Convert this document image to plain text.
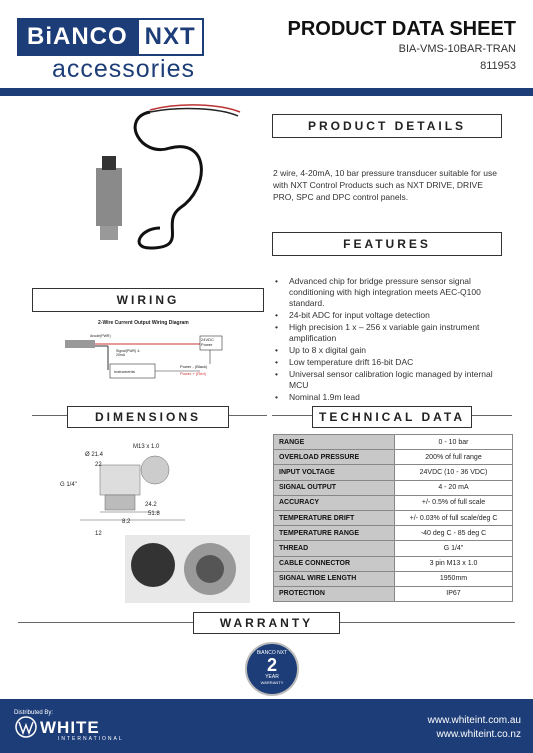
BiANCO NXT
accessories
PRODUCT DATA SHEET
BIA-VMS-10BAR-TRAN
811953
PRODUCT DETAILS
2 wire, 4-20mA, 10 bar pressure transducer suitable for use with NXT Control Products such as NXT DRIVE, DRIVE PRO, SPC and DPC control panels.
FEATURES
• Advanced chip for bridge pressure sensor signal conditioning with high integration meets AEC-Q100 standard.
• 24-bit ADC for input voltage detection
• High precision 1 x – 256 x variable gain instrument amplification
• Up to 8 x digital gain
• Low temperature drift 16-bit DAC
• Universal sensor calibration logic managed by internal MCU
• Nominal 1.9m lead
WIRING
2-Wire Current Output Wiring Diagram
Anode(PWR)
Signal(PWR) 4-20mA
24VDC Power
Instruments
Power - (Black)
Power + (Red)
DIMENSIONS
M13 x 1.0
Ø 21.4
22
G 1/4"
24.2
51.8
8.2
12
TECHNICAL DATA
RANGE	0 - 10 bar
OVERLOAD PRESSURE	200% of full range
INPUT VOLTAGE	24VDC (10 - 36 VDC)
SIGNAL OUTPUT	4 - 20 mA
ACCURACY	+/- 0.5% of full scale
TEMPERATURE DRIFT	+/- 0.03% of full scale/deg C
TEMPERATURE RANGE	-40 deg C - 85 deg C
THREAD	G 1/4"
CABLE CONNECTOR	3 pin M13 x 1.0
SIGNAL WIRE LENGTH	1950mm
PROTECTION	IP67
WARRANTY
BiANCO NXT
2
YEAR
WARRANTY
Distributed By:
WHITE
INTERNATIONAL
www.whiteint.com.au
www.whiteint.co.nz
